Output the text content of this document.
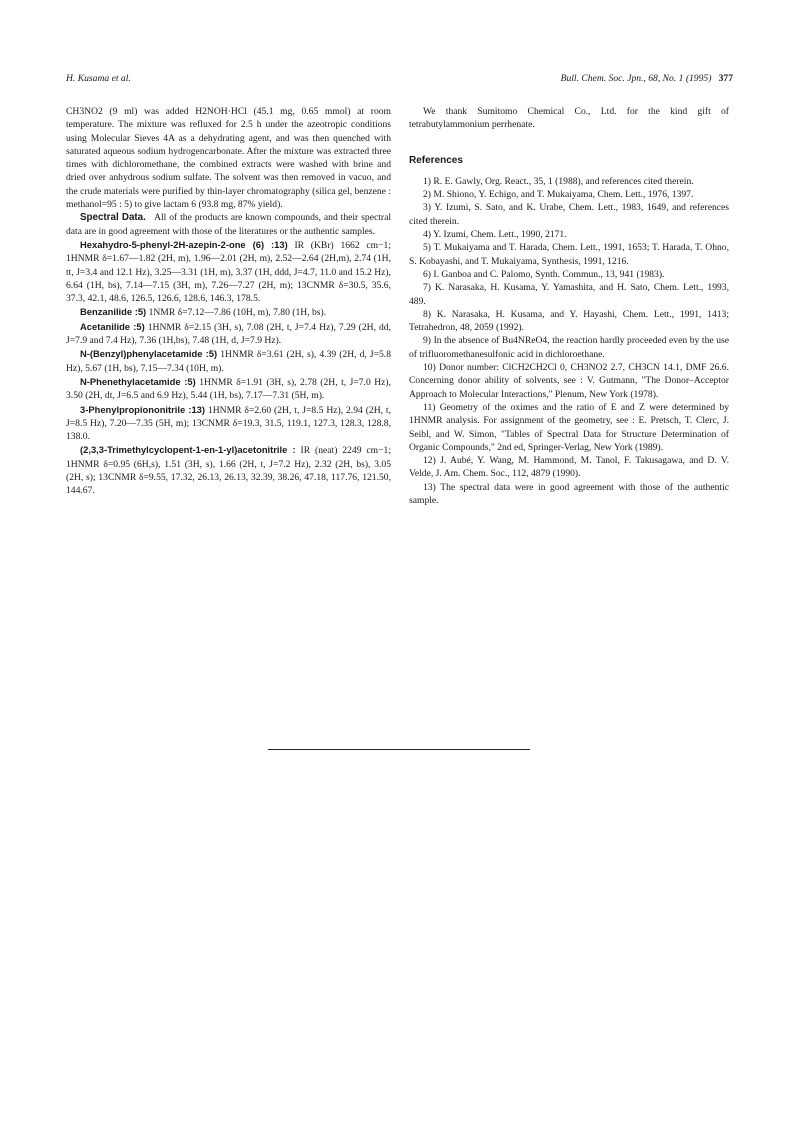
H. Kusama et al.	Bull. Chem. Soc. Jpn., 68, No. 1 (1995) 377

CH3NO2 (9 ml) was added H2NOH·HCl (45.1 mg, 0.65 mmol) at room temperature. The mixture was refluxed for 2.5 h under the azeotropic conditions using Molecular Sieves 4A as a dehydrating agent, and was then quenched with saturated aqueous sodium hydrogencarbonate. After the mixture was extracted three times with dichloromethane, the combined extracts were washed with brine and dried over anhydrous sodium sulfate. The solvent was then removed in vacuo, and the crude materials were purified by thin-layer chromatography (silica gel, benzene : methanol=95 : 5) to give lactam 6 (93.8 mg, 87% yield).

Spectral Data. All of the products are known compounds, and their spectral data are in good agreement with those of the literatures or the authentic samples.

Hexahydro-5-phenyl-2H-azepin-2-one (6) :13) IR (KBr) 1662 cm−1; 1HNMR δ=1.67—1.82 (2H, m), 1.96—2.01 (2H, m), 2.52—2.64 (2H,m), 2.74 (1H, tt, J=3.4 and 12.1 Hz), 3.25—3.31 (1H, m), 3.37 (1H, ddd, J=4.7, 11.0 and 15.2 Hz), 6.64 (1H, bs), 7.14—7.15 (3H, m), 7.26—7.27 (2H, m); 13CNMR δ=30.5, 35.6, 37.3, 42.1, 48.6, 126.5, 126.6, 128.6, 146.3, 178.5.

Benzanilide :5) 1NMR δ=7.12—7.86 (10H, m), 7.80 (1H, bs).

Acetanilide :5) 1HNMR δ=2.15 (3H, s), 7.08 (2H, t, J=7.4 Hz), 7.29 (2H, dd, J=7.9 and 7.4 Hz), 7.36 (1H,bs), 7.48 (1H, d, J=7.9 Hz).

N-(Benzyl)phenylacetamide :5) 1HNMR δ=3.61 (2H, s), 4.39 (2H, d, J=5.8 Hz), 5.67 (1H, bs), 7.15—7.34 (10H, m).

N-Phenethylacetamide :5) 1HNMR δ=1.91 (3H, s), 2.78 (2H, t, J=7.0 Hz), 3.50 (2H, dt, J=6.5 and 6.9 Hz), 5.44 (1H, bs), 7.17—7.31 (5H, m).

3-Phenylpropiononitrile :13) 1HNMR δ=2.60 (2H, t, J=8.5 Hz), 2.94 (2H, t, J=8.5 Hz), 7.20—7.35 (5H, m); 13CNMR δ=19.3, 31.5, 119.1, 127.3, 128.3, 128.8, 138.0.

(2,3,3-Trimethylcyclopent-1-en-1-yl)acetonitrile : IR (neat) 2249 cm−1; 1HNMR δ=0.95 (6H,s), 1.51 (3H, s), 1.66 (2H, t, J=7.2 Hz), 2.32 (2H, bs), 3.05 (2H, s); 13CNMR δ=9.55, 17.32, 26.13, 26.13, 32.39, 38.26, 47.18, 117.76, 121.50, 144.67.

We thank Sumitomo Chemical Co., Ltd. for the kind gift of tetrabutylammonium perrhenate.

References

1) R. E. Gawly, Org. React., 35, 1 (1988), and references cited therein.

2) M. Shiono, Y. Echigo, and T. Mukaiyama, Chem. Lett., 1976, 1397.

3) Y. Izumi, S. Sato, and K. Urabe, Chem. Lett., 1983, 1649, and references cited therein.

4) Y. Izumi, Chem. Lett., 1990, 2171.

5) T. Mukaiyama and T. Harada, Chem. Lett., 1991, 1653; T. Harada, T. Ohno, S. Kobayashi, and T. Mukaiyama, Synthesis, 1991, 1216.

6) I. Ganboa and C. Palomo, Synth. Commun., 13, 941 (1983).

7) K. Narasaka, H. Kusama, Y. Yamashita, and H. Sato, Chem. Lett., 1993, 489.

8) K. Narasaka, H. Kusama, and Y. Hayashi, Chem. Lett., 1991, 1413; Tetrahedron, 48, 2059 (1992).

9) In the absence of Bu4NReO4, the reaction hardly proceeded even by the use of trifluoromethanesulfonic acid in dichloroethane.

10) Donor number: ClCH2CH2Cl 0, CH3NO2 2.7, CH3CN 14.1, DMF 26.6. Concerning donor ability of solvents, see : V. Gutmann, "The Donor–Acceptor Approach to Molecular Interactions," Plenum, New York (1978).

11) Geometry of the oximes and the ratio of E and Z were determined by 1HNMR analysis. For assignment of the geometry, see : E. Pretsch, T. Clerc, J. Seibl, and W. Simon, "Tables of Spectral Data for Structure Determination of Organic Compounds," 2nd ed, Springer-Verlag, New York (1989).

12) J. Aubé, Y. Wang, M. Hammond, M. Tanol, F. Takusagawa, and D. V. Velde, J. Am. Chem. Soc., 112, 4879 (1990).

13) The spectral data were in good agreement with those of the authentic sample.
